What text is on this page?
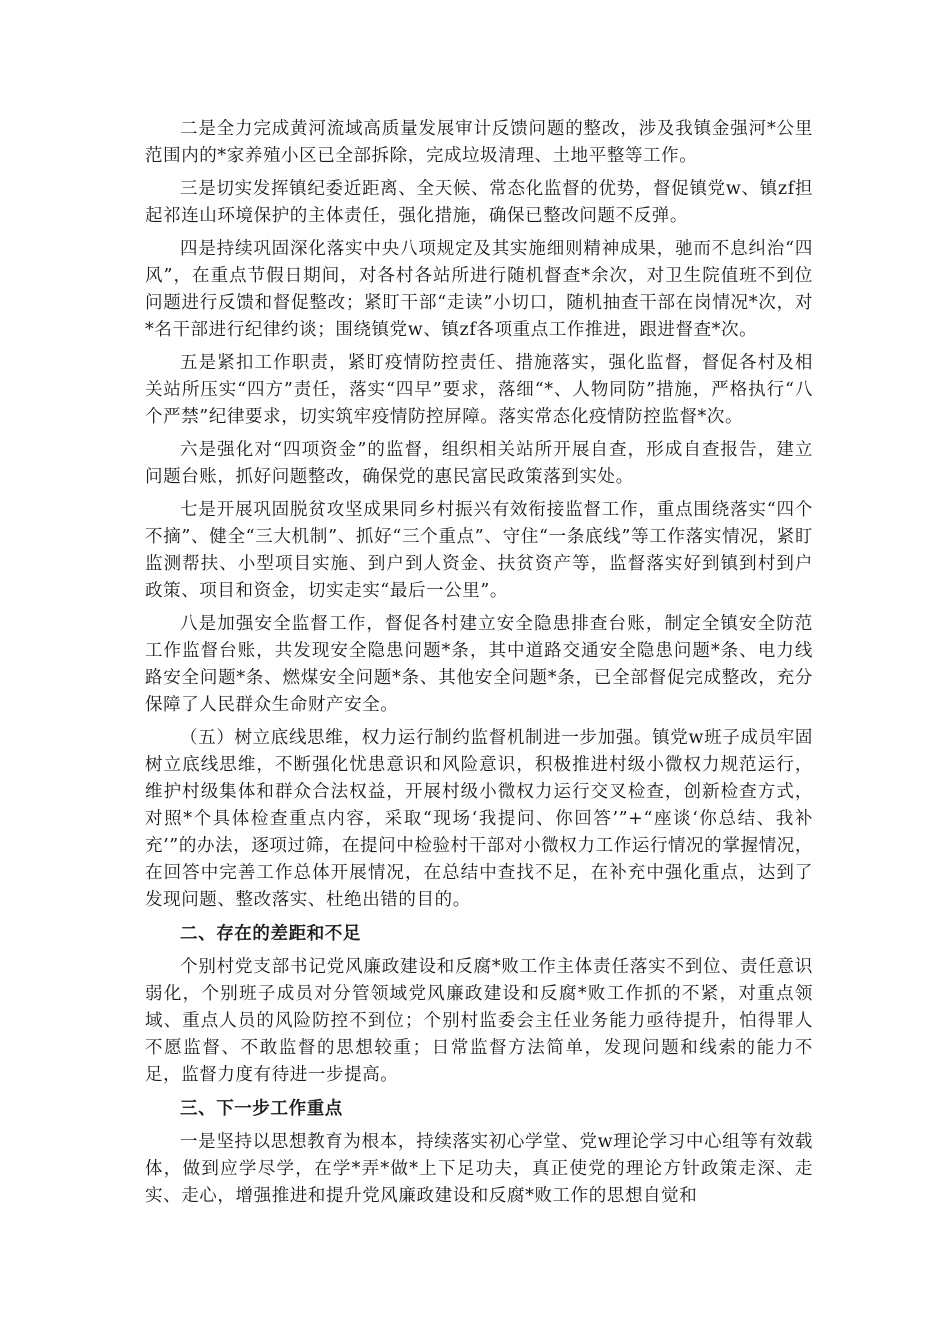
二是全力完成黄河流域高质量发展审计反馈问题的整改，涉及我镇金强河*公里范围内的*家养殖小区已全部拆除，完成垃圾清理、土地平整等工作。

三是切实发挥镇纪委近距离、全天候、常态化监督的优势，督促镇党w、镇zf担起祁连山环境保护的主体责任，强化措施，确保已整改问题不反弹。

四是持续巩固深化落实中央八项规定及其实施细则精神成果，驰而不息纠治“四风”，在重点节假日期间，对各村各站所进行随机督查*余次，对卫生院值班不到位问题进行反馈和督促整改；紧盯干部“走读”小切口，随机抽查干部在岗情况*次，对*名干部进行纪律约谈；围绕镇党w、镇zf各项重点工作推进，跟进督查*次。

五是紧扣工作职责，紧盯疫情防控责任、措施落实，强化监督，督促各村及相关站所压实“四方”责任，落实“四早”要求，落细“*、人物同防”措施，严格执行“八个严禁”纪律要求，切实筑牢疫情防控屏障。落实常态化疫情防控监督*次。

六是强化对“四项资金”的监督，组织相关站所开展自查，形成自查报告，建立问题台账，抓好问题整改，确保党的惠民富民政策落到实处。

七是开展巩固脱贫攻坚成果同乡村振兴有效衔接监督工作，重点围绕落实“四个不摘”、健全“三大机制”、抓好“三个重点”、守住“一条底线”等工作落实情况，紧盯监测帮扶、小型项目实施、到户到人资金、扶贫资产等，监督落实好到镇到村到户政策、项目和资金，切实走实“最后一公里”。

八是加强安全监督工作，督促各村建立安全隐患排查台账，制定全镇安全防范工作监督台账，共发现安全隐患问题*条，其中道路交通安全隐患问题*条、电力线路安全问题*条、燃煤安全问题*条、其他安全问题*条，已全部督促完成整改，充分保障了人民群众生命财产安全。

（五）树立底线思维，权力运行制约监督机制进一步加强。镇党w班子成员牢固树立底线思维，不断强化忧患意识和风险意识，积极推进村级小微权力规范运行，维护村级集体和群众合法权益，开展村级小微权力运行交叉检查，创新检查方式，对照*个具体检查重点内容，采取“现场‘我提问、你回答’”+“座谈‘你总结、我补充’”的办法，逐项过筛，在提问中检验村干部对小微权力工作运行情况的掌握情况，在回答中完善工作总体开展情况，在总结中查找不足，在补充中强化重点，达到了发现问题、整改落实、杜绝出错的目的。

二、存在的差距和不足

个别村党支部书记党风廉政建设和反腐*败工作主体责任落实不到位、责任意识弱化，个别班子成员对分管领域党风廉政建设和反腐*败工作抓的不紧，对重点领域、重点人员的风险防控不到位；个别村监委会主任业务能力亟待提升，怕得罪人不愿监督、不敢监督的思想较重；日常监督方法简单，发现问题和线索的能力不足，监督力度有待进一步提高。

三、下一步工作重点

一是坚持以思想教育为根本，持续落实初心学堂、党w理论学习中心组等有效载体，做到应学尽学，在学*弄*做*上下足功夫，真正使党的理论方针政策走深、走实、走心，增强推进和提升党风廉政建设和反腐*败工作的思想自觉和
